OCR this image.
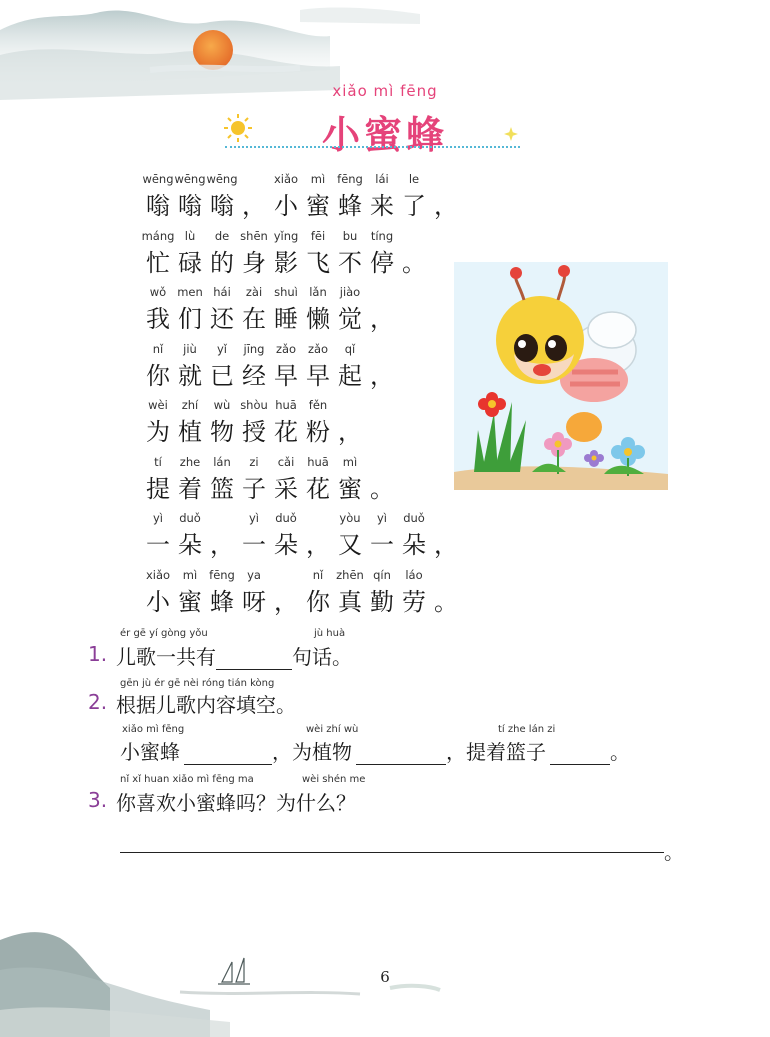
xiǎo mì fēng
小蜜蜂
wēng wēng wēng	xiǎo	mì	fēng	lái	le
嗡 嗡 嗡 ， 小 蜜 蜂 来 了 ，
máng lù	de shēn yǐng	fēi	bu	tíng
忙 碌 的 身 影 飞 不 停 。
wǒ men hái	zài	shuì lǎn	jiào
我 们 还 在 睡 懒 觉 ，
nǐ	jiù	yǐ	jīng zǎo	zǎo	qǐ
你 就 已 经 早 早 起 ，
wèi	zhí	wù shòu huā	fěn
为 植 物 授 花 粉 ，
tí	zhe	lán	zi	cǎi	huā	mì
提 着 篮 子 采 花 蜜 。
yì	duǒ	yì	duǒ	yòu	yì	duǒ
一 朵 ， 一 朵 ， 又 一 朵 ，
xiǎo	mì	fēng	ya	nǐ	zhēn qín	láo
小 蜜 蜂 呀 ， 你 真 勤 劳 。
ér gē yí gòng yǒu	jù huà
1. 儿歌一共有	句话。
gēn jù ér gē nèi róng tián kòng
2. 根据儿歌内容填空。
xiǎo mì fēng	wèi zhí wù	tí zhe lán zi
小蜜蜂	，为植物	，提着篮子	。
nǐ xǐ huan xiǎo mì fēng ma	wèi shén me
3. 你喜欢小蜜蜂吗？为什么？
。
6
